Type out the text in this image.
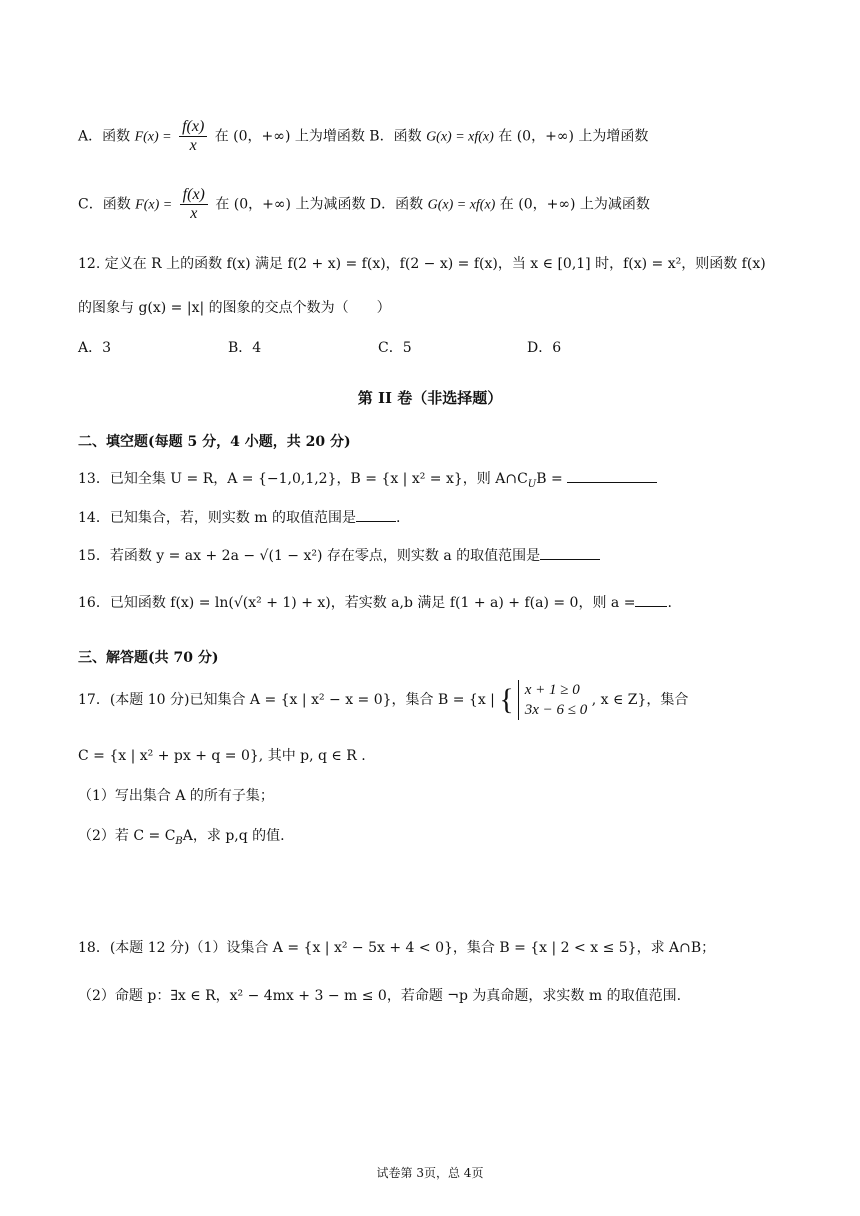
A．函数 $F(x) = \frac{f(x)}{x}$ 在 (0，+∞) 上为增函数 B．函数 G(x) = xf(x) 在 (0，+∞) 上为增函数
C．函数 $F(x) = \frac{f(x)}{x}$ 在 (0，+∞) 上为减函数 D．函数 G(x) = xf(x) 在 (0，+∞) 上为减函数
12. 定义在 R 上的函数 f(x) 满足 f(2 + x) = f(x)，f(2 − x) = f(x)，当 x ∈ [0,1] 时，f(x) = x²，则函数 f(x)
的图象与 g(x) = |x| 的图象的交点个数为（　　）
A．3	B．4	C．5	D．6
第 II 卷（非选择题）
二、填空题(每题 5 分，4 小题，共 20 分)
13．已知全集 U = R，A = {−1,0,1,2}，B = {x | x² = x}，则 $A\cap C_UB$ =
14．已知集合，若，则实数 m 的取值范围是	.
15．若函数 y = ax + 2a − √(1 − x²) 存在零点，则实数 a 的取值范围是
16．已知函数 f(x) = ln(√(x² + 1) + x)，若实数 a,b 满足 f(1 + a) + f(a) = 0，则 a = .
三、解答题(共 70 分)
17．(本题 10 分)已知集合 A = {x | x² − x = 0}，集合 B = {x | { x + 1 ≥ 0
3x − 6 ≤ 0
, x ∈ Z}，集合
C = {x | x² + px + q = 0}, 其中 p, q ∈ R .
（1）写出集合 A 的所有子集；
（2）若 $C = C_BA$，求 p,q 的值.
18．(本题 12 分)（1）设集合 A = {x | x² − 5x + 4 < 0}，集合 B = {x | 2 < x ≤ 5}，求 A∩B；
（2）命题 p：∃x ∈ R，x² − 4mx + 3 − m ≤ 0，若命题 ¬p 为真命题，求实数 m 的取值范围.
试卷第 3页，总 4页
